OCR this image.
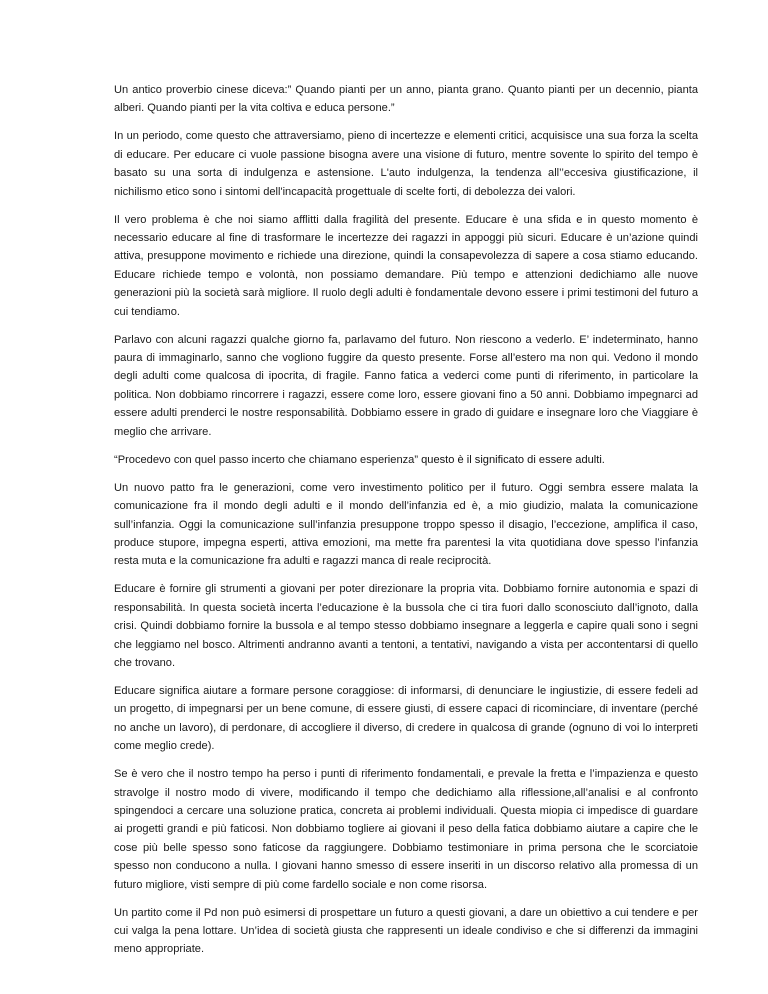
Un antico proverbio cinese diceva:” Quando pianti per un anno, pianta grano. Quanto pianti per un decennio, pianta alberi. Quando pianti per la vita coltiva e educa persone.”

In un periodo, come questo che attraversiamo, pieno di incertezze e elementi critici, acquisisce una sua forza la scelta di educare. Per educare ci vuole passione bisogna avere una visione di futuro, mentre sovente lo spirito del tempo è basato su una sorta di indulgenza e astensione. L'auto indulgenza, la tendenza all’’eccesiva giustificazione, il nichilismo etico sono i sintomi dell'incapacità progettuale di scelte forti, di debolezza dei valori.

Il vero problema è che noi siamo afflitti dalla fragilità del presente. Educare è una sfida e in questo momento è necessario educare al fine di trasformare le incertezze dei ragazzi in appoggi più sicuri. Educare è un’azione quindi attiva, presuppone movimento e richiede una direzione, quindi la consapevolezza di sapere a cosa stiamo educando. Educare richiede tempo e volontà, non possiamo demandare. Più tempo e attenzioni dedichiamo alle nuove generazioni più la società sarà migliore. Il ruolo degli adulti è fondamentale devono essere i primi testimoni del futuro a cui tendiamo.

Parlavo con alcuni ragazzi qualche giorno fa, parlavamo del futuro. Non riescono a vederlo. E’ indeterminato, hanno paura di immaginarlo, sanno che vogliono fuggire da questo presente. Forse all’estero ma non qui. Vedono il mondo degli adulti come qualcosa di ipocrita, di fragile. Fanno fatica a vederci come punti di riferimento, in particolare la politica. Non dobbiamo rincorrere i ragazzi, essere come loro, essere giovani fino a 50 anni. Dobbiamo impegnarci ad essere adulti prenderci le nostre responsabilità. Dobbiamo essere in grado di guidare e insegnare loro che Viaggiare è meglio che arrivare.

“Procedevo con quel passo incerto che chiamano esperienza” questo è il significato di essere adulti.

Un nuovo patto fra le generazioni, come vero investimento politico per il futuro. Oggi sembra essere malata la comunicazione fra il mondo degli adulti e il mondo dell’infanzia ed è, a mio giudizio, malata la comunicazione sull’infanzia. Oggi la comunicazione sull’infanzia presuppone troppo spesso il disagio, l’eccezione, amplifica il caso, produce stupore, impegna esperti, attiva emozioni, ma mette fra parentesi la vita quotidiana dove spesso l’infanzia resta muta e la comunicazione fra adulti e ragazzi manca di reale reciprocità.

Educare è fornire gli strumenti a giovani per poter direzionare la propria vita. Dobbiamo fornire autonomia e spazi di responsabilità. In questa società incerta l’educazione è la bussola che ci tira fuori dallo sconosciuto dall’ignoto, dalla crisi. Quindi dobbiamo fornire la bussola e al tempo stesso dobbiamo insegnare a leggerla e capire quali sono i segni che leggiamo nel bosco. Altrimenti andranno avanti a tentoni, a tentativi, navigando a vista per accontentarsi di quello che trovano.

Educare significa aiutare a formare persone coraggiose: di informarsi, di denunciare le ingiustizie, di essere fedeli ad un progetto, di impegnarsi per un bene comune, di essere giusti, di essere capaci di ricominciare, di inventare (perché no anche un lavoro), di perdonare, di accogliere il diverso, di credere in qualcosa di grande (ognuno di voi lo interpreti come meglio crede).

Se è vero che il nostro tempo ha perso i punti di riferimento fondamentali, e prevale la fretta e l’impazienza e questo stravolge il nostro modo di vivere, modificando il tempo che dedichiamo alla riflessione,all’analisi e al confronto spingendoci a cercare una soluzione pratica, concreta ai problemi individuali. Questa miopia ci impedisce di guardare ai progetti grandi e più faticosi. Non dobbiamo togliere ai giovani il peso della fatica dobbiamo aiutare a capire che le cose più belle spesso sono faticose da raggiungere. Dobbiamo testimoniare in prima persona che le scorciatoie spesso non conducono a nulla. I giovani hanno smesso di essere inseriti in un discorso relativo alla promessa di un futuro migliore, visti sempre di più come fardello sociale e non come risorsa.

Un partito come il Pd non può esimersi di prospettare un futuro a questi giovani, a dare un obiettivo a cui tendere e per cui valga la pena lottare. Un’idea di società giusta che rappresenti un ideale condiviso e che si differenzi da immagini meno appropriate.
